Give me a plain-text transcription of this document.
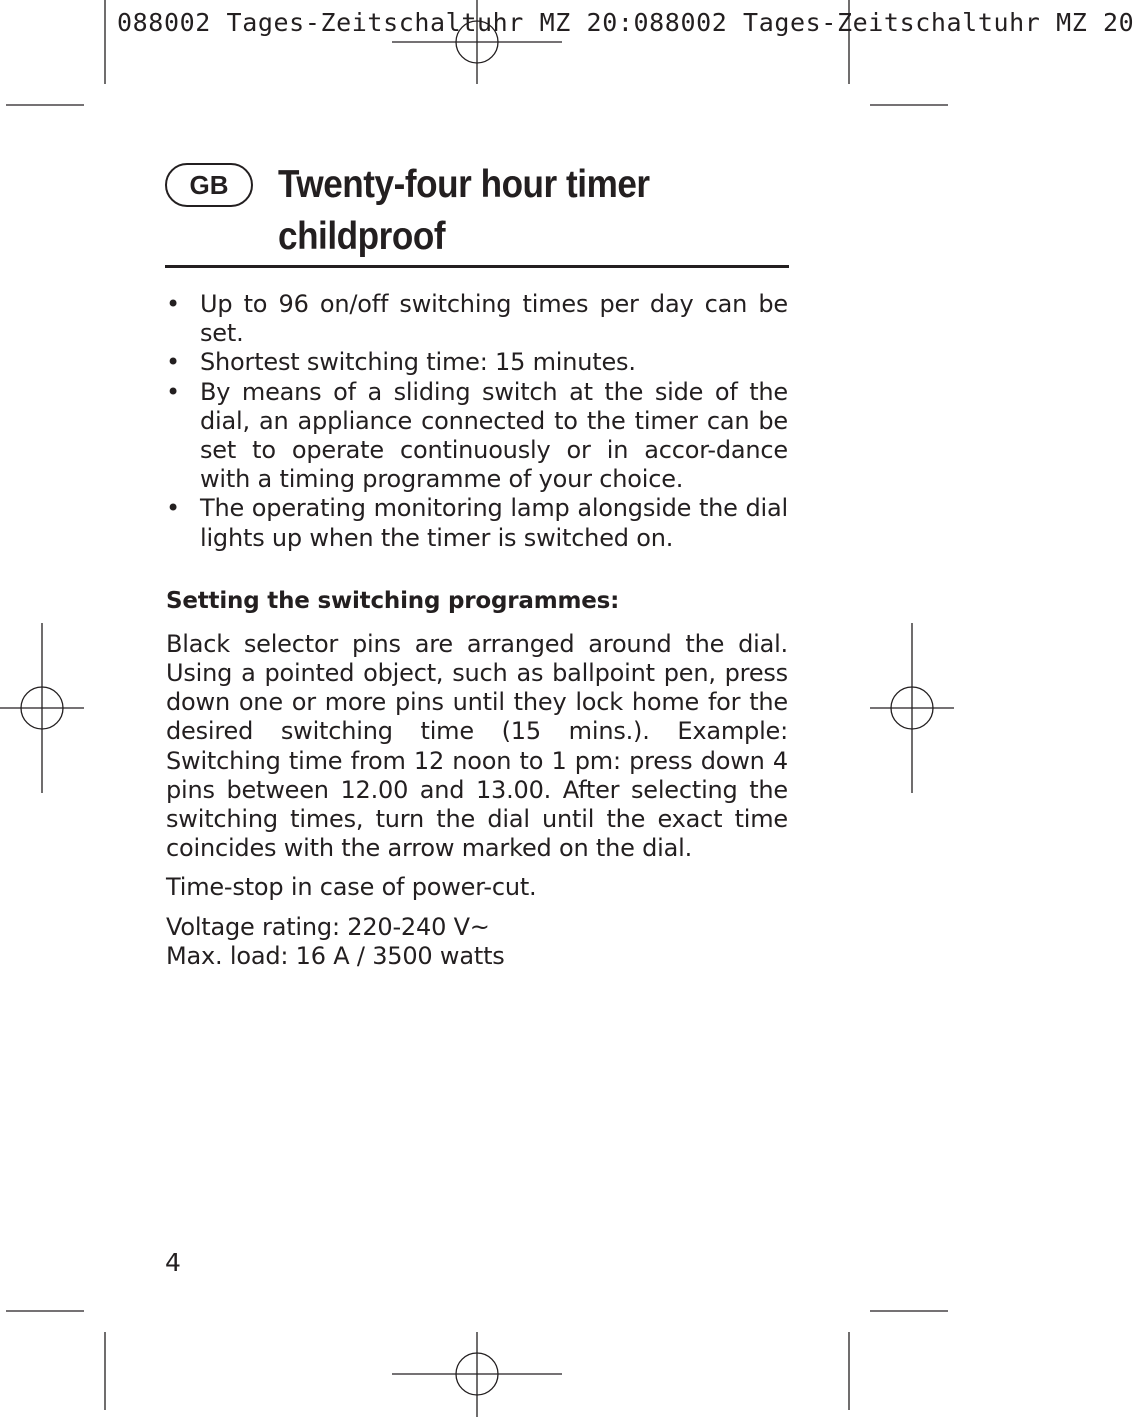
088002 Tages-Zeitschaltuhr MZ 20:088002 Tages-Zeitschaltuhr MZ 20
GB	Twenty-four hour timer
childproof
• Up to 96 on/off switching times per day can be set.
• Shortest switching time: 15 minutes.
• By means of a sliding switch at the side of the dial, an appliance connected to the timer can be set to operate continuously or in accor-dance with a timing programme of your choice.
• The operating monitoring lamp alongside the dial lights up when the timer is switched on.
Setting the switching programmes:

Black selector pins are arranged around the dial. Using a pointed object, such as ballpoint pen, press down one or more pins until they lock home for the desired switching time (15 mins.). Example: Switching time from 12 noon to 1 pm: press down 4 pins between 12.00 and 13.00. After selecting the switching times, turn the dial until the exact time coincides with the arrow marked on the dial.

Time-stop in case of power-cut.

Voltage rating: 220-240 V~

Max. load: 16 A / 3500 watts

4
